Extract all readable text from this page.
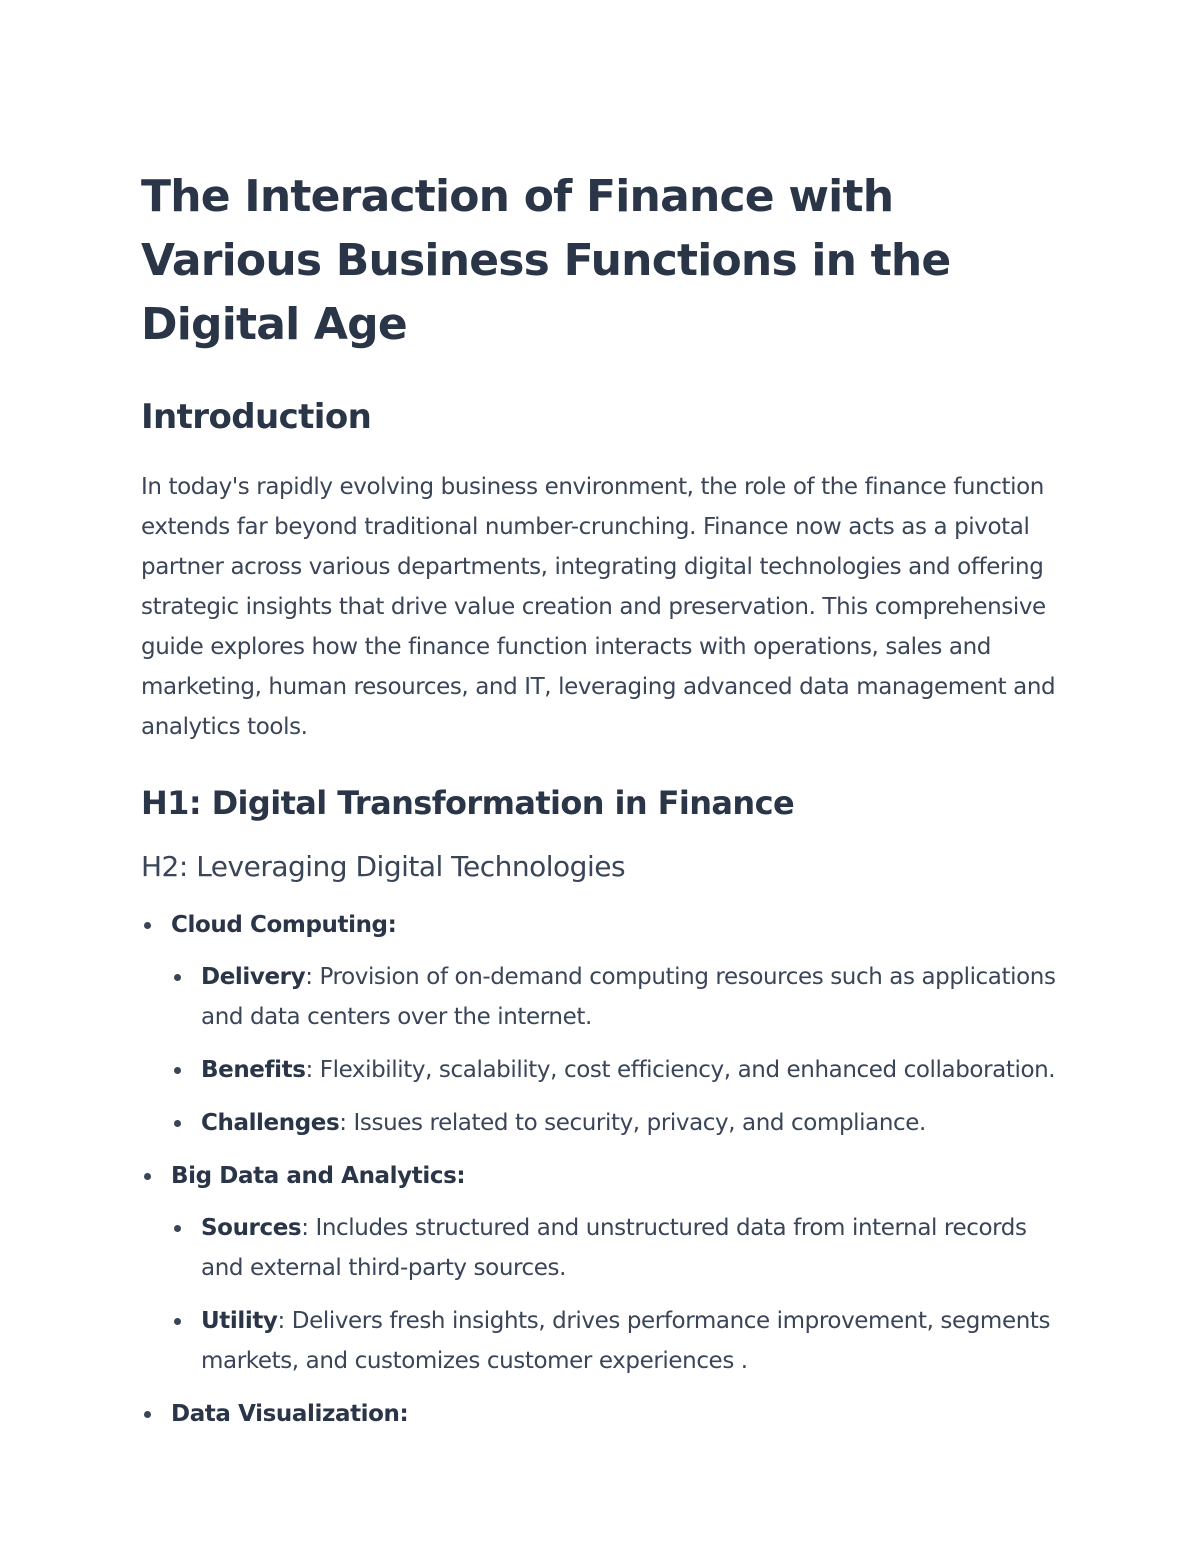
The Interaction of Finance with Various Business Functions in the Digital Age
Introduction

In today's rapidly evolving business environment, the role of the finance function extends far beyond traditional number-crunching. Finance now acts as a pivotal partner across various departments, integrating digital technologies and offering strategic insights that drive value creation and preservation. This comprehensive guide explores how the finance function interacts with operations, sales and marketing, human resources, and IT, leveraging advanced data management and analytics tools.

H1: Digital Transformation in Finance
H2: Leveraging Digital Technologies
Cloud Computing:
Delivery: Provision of on-demand computing resources such as applications and data centers over the internet.
Benefits: Flexibility, scalability, cost efficiency, and enhanced collaboration.
Challenges: Issues related to security, privacy, and compliance.
Big Data and Analytics:
Sources: Includes structured and unstructured data from internal records and external third-party sources.
Utility: Delivers fresh insights, drives performance improvement, segments markets, and customizes customer experiences .
Data Visualization:
